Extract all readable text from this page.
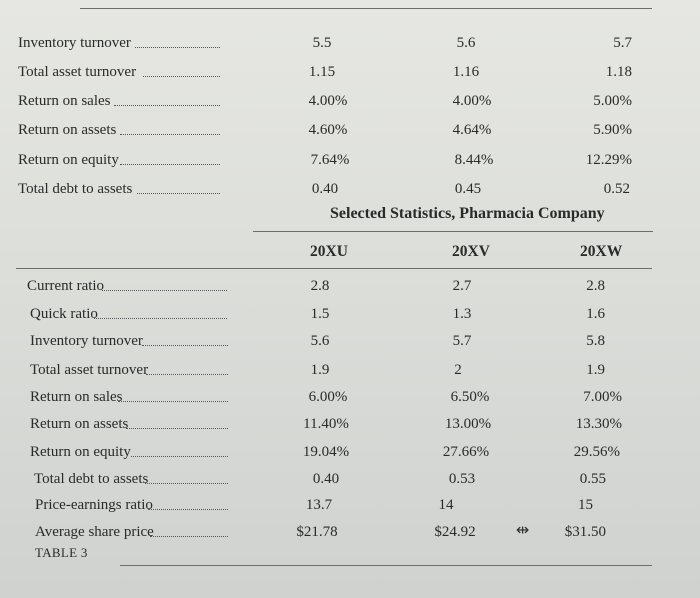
Inventory turnover	5.5	5.6	5.7
Total asset turnover	1.15	1.16	1.18
Return on sales	4.00%	4.00%	5.00%
Return on assets	4.60%	4.64%	5.90%
Return on equity	7.64%	8.44%	12.29%
Total debt to assets	0.40	0.45	0.52
Selected Statistics, Pharmacia Company
20XU	20XV	20XW
Current ratio	2.8	2.7	2.8
Quick ratio	1.5	1.3	1.6
Inventory turnover	5.6	5.7	5.8
Total asset turnover	1.9	2	1.9
Return on sales	6.00%	6.50%	7.00%
Return on assets	11.40%	13.00%	13.30%
Return on equity	19.04%	27.66%	29.56%
Total debt to assets	0.40	0.53	0.55
Price-earnings ratio	13.7	14	15
Average share price	$21.78	$24.92	$31.50
⇹
TABLE 3
